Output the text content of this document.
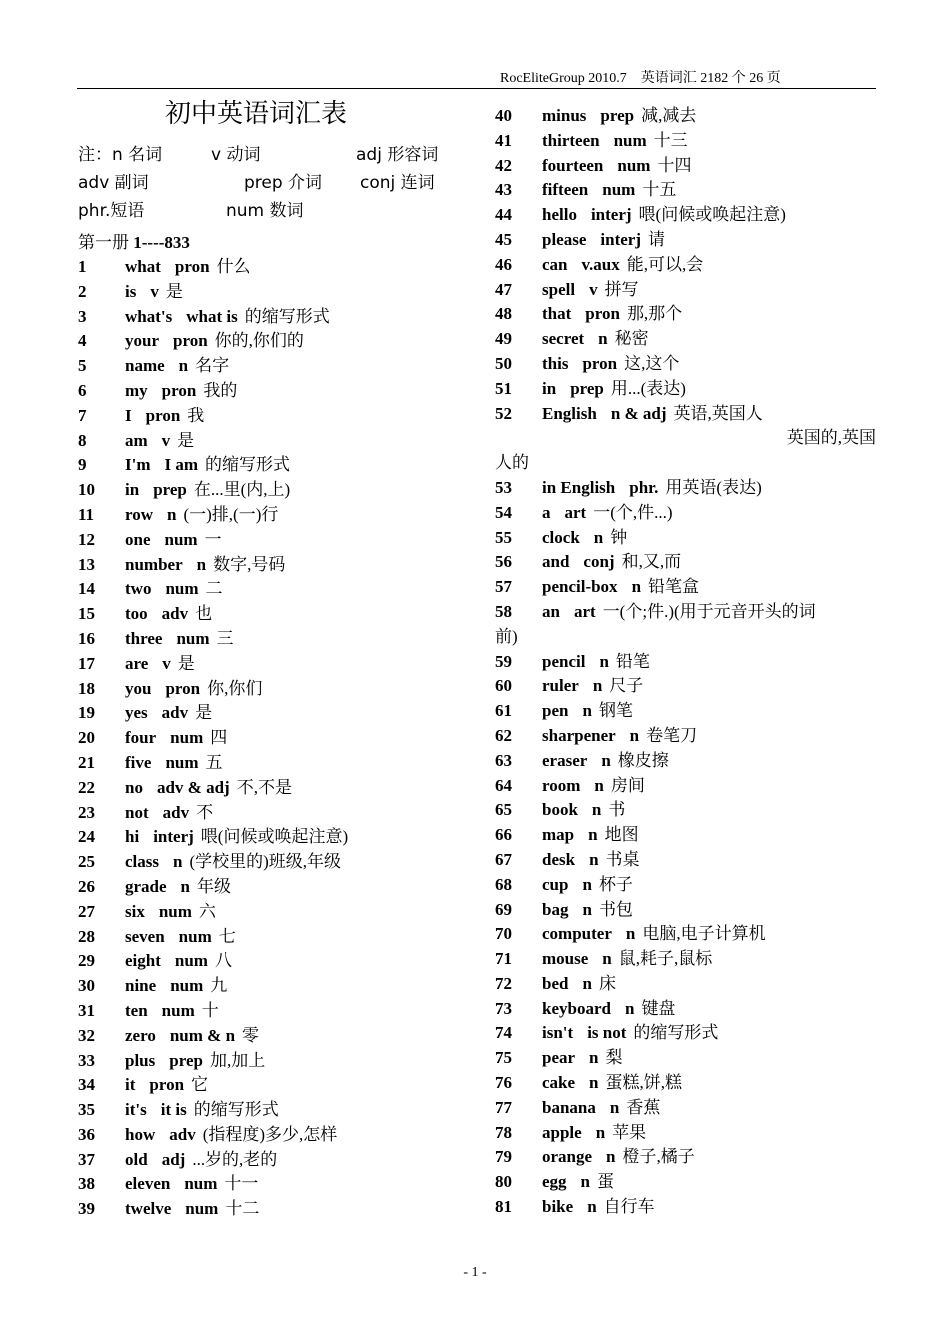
RocEliteGroup 2010.7　英语词汇 2182 个 26 页
初中英语词汇表
注：n 名词	v 动词	adj 形容词
adv 副词	prep 介词 conj 连词
phr.短语	num 数词
第一册 1----833
1 what pron 什么
2 is v 是
3 what's what is 的缩写形式
4 your pron 你的,你们的
5 name n 名字
6 my pron 我的
7 I pron 我
8 am v 是
9 I'm I am 的缩写形式
10 in prep 在...里(内,上)
11 row n (一)排,(一)行
12 one num 一
13 number n 数字,号码
14 two num 二
15 too adv 也
16 three num 三
17 are v 是
18 you pron 你,你们
19 yes adv 是
20 four num 四
21 five num 五
22 no adv & adj 不,不是
23 not adv 不
24 hi interj 喂(问候或唤起注意)
25 class n (学校里的)班级,年级
26 grade n 年级
27 six num 六
28 seven num 七
29 eight num 八
30 nine num 九
31 ten num 十
32 zero num & n 零
33 plus prep 加,加上
34 it pron 它
35 it's it is 的缩写形式
36 how adv (指程度)多少,怎样
37 old adj ...岁的,老的
38 eleven num 十一
39 twelve num 十二
40 minus prep 减,减去
41 thirteen num 十三
42 fourteen num 十四
43 fifteen num 十五
44 hello interj 喂(问候或唤起注意)
45 please interj 请
46 can v.aux 能,可以,会
47 spell v 拼写
48 that pron 那,那个
49 secret n 秘密
50 this pron 这,这个
51 in prep 用...(表达)
52 English n & adj 英语,英国人
英国的,英国
人的
53 in English phr. 用英语(表达)
54 a art 一(个,件...)
55 clock n 钟
56 and conj 和,又,而
57 pencil-box n 铅笔盒
58 an art 一(个;件.)(用于元音开头的词
前)
59 pencil n 铅笔
60 ruler n 尺子
61 pen n 钢笔
62 sharpener n 卷笔刀
63 eraser n 橡皮擦
64 room n 房间
65 book n 书
66 map n 地图
67 desk n 书桌
68 cup n 杯子
69 bag n 书包
70 computer n 电脑,电子计算机
71 mouse n 鼠,耗子,鼠标
72 bed n 床
73 keyboard n 键盘
74 isn't is not 的缩写形式
75 pear n 梨
76 cake n 蛋糕,饼,糕
77 banana n 香蕉
78 apple n 苹果
79 orange n 橙子,橘子
80 egg n 蛋
81 bike n 自行车
- 1 -
